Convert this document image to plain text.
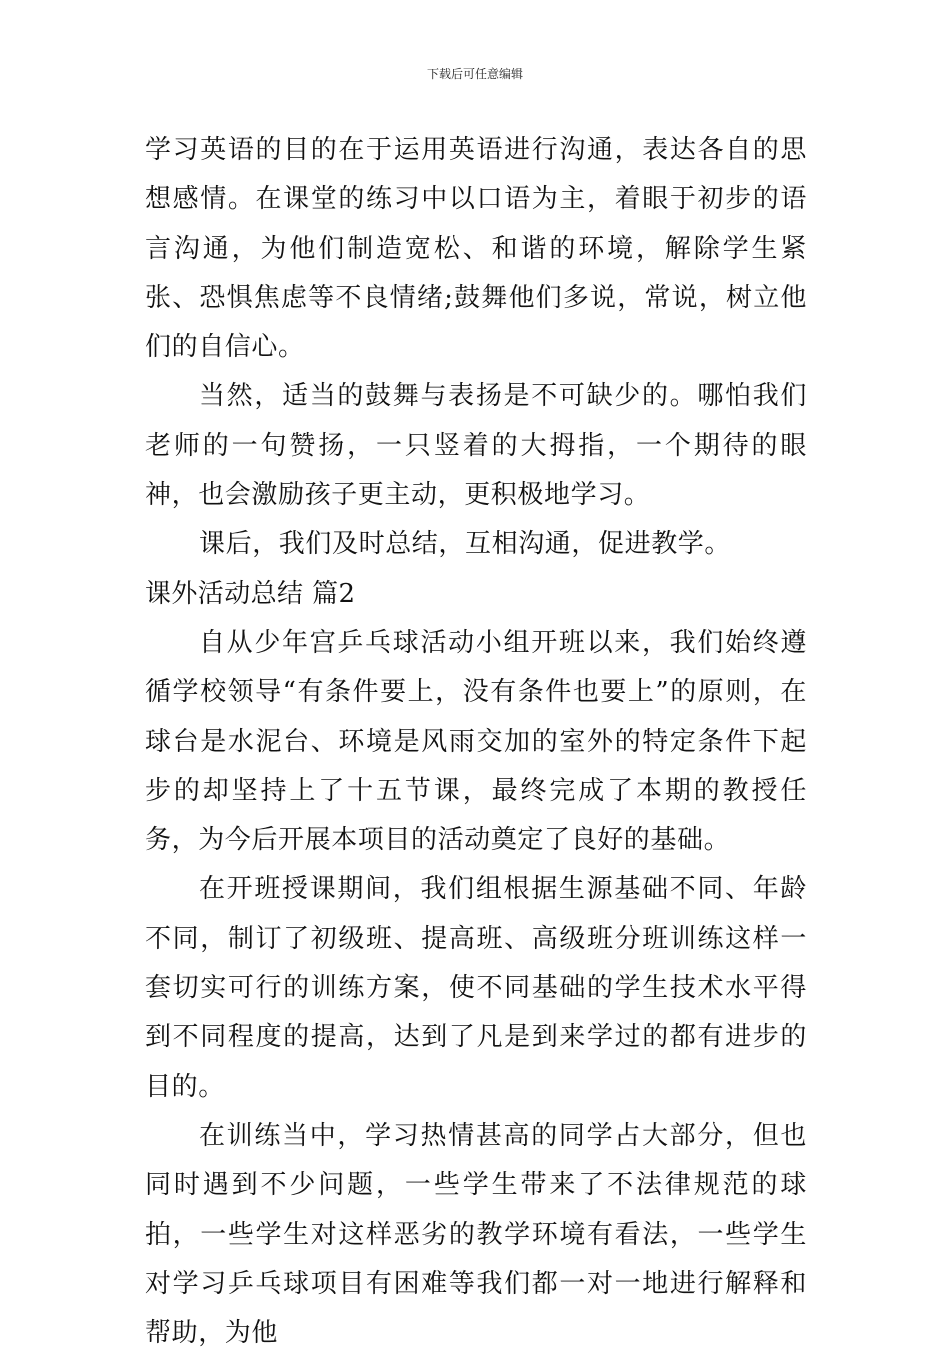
下载后可任意编辑

学习英语的目的在于运用英语进行沟通，表达各自的思想感情。在课堂的练习中以口语为主，着眼于初步的语言沟通，为他们制造宽松、和谐的环境，解除学生紧张、恐惧焦虑等不良情绪;鼓舞他们多说，常说，树立他们的自信心。

当然，适当的鼓舞与表扬是不可缺少的。哪怕我们老师的一句赞扬，一只竖着的大拇指，一个期待的眼神，也会激励孩子更主动，更积极地学习。

课后，我们及时总结，互相沟通，促进教学。

课外活动总结 篇2

自从少年宫乒乓球活动小组开班以来，我们始终遵循学校领导“有条件要上，没有条件也要上”的原则，在球台是水泥台、环境是风雨交加的室外的特定条件下起步的却坚持上了十五节课，最终完成了本期的教授任务，为今后开展本项目的活动奠定了良好的基础。

在开班授课期间，我们组根据生源基础不同、年龄不同，制订了初级班、提高班、高级班分班训练这样一套切实可行的训练方案，使不同基础的学生技术水平得到不同程度的提高，达到了凡是到来学过的都有进步的目的。

在训练当中，学习热情甚高的同学占大部分，但也同时遇到不少问题，一些学生带来了不法律规范的球拍，一些学生对这样恶劣的教学环境有看法，一些学生对学习乒乓球项目有困难等我们都一对一地进行解释和帮助，为他
